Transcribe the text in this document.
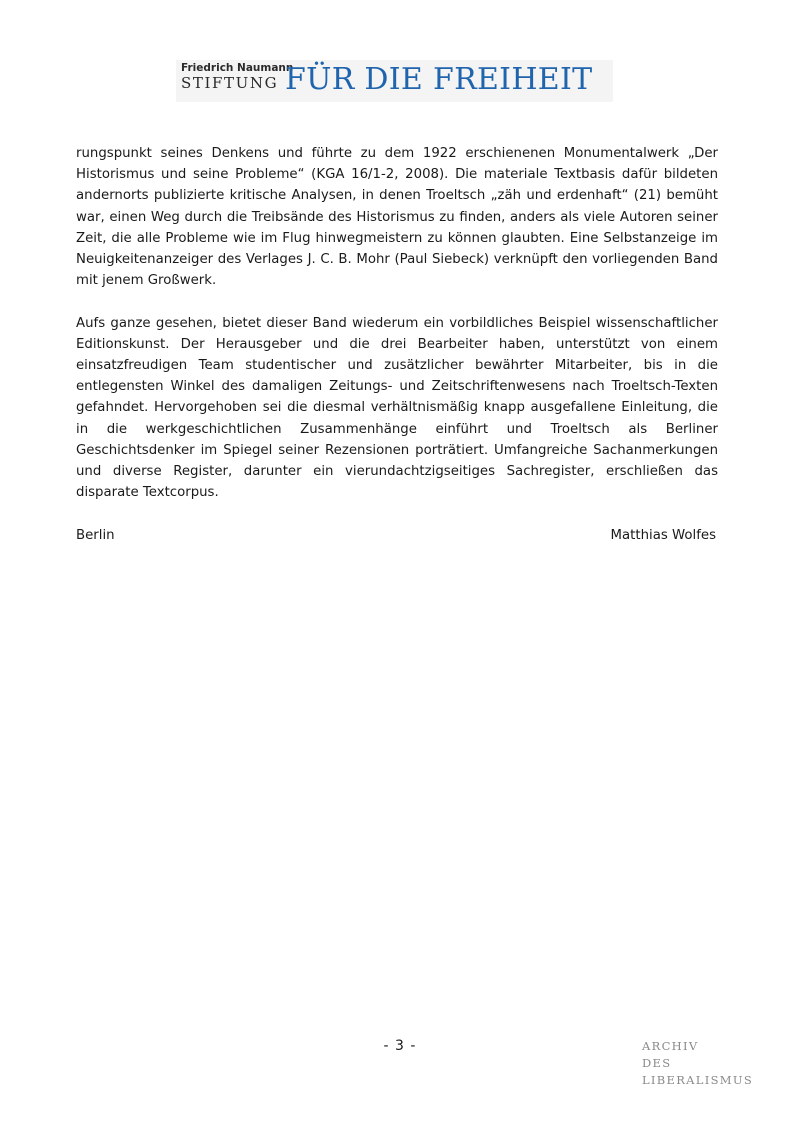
Friedrich Naumann
STIFTUNG FÜR DIE FREIHEIT

rungspunkt seines Denkens und führte zu dem 1922 erschienenen Monumentalwerk „Der Historismus und seine Probleme“ (KGA 16/1-2, 2008). Die materiale Textbasis dafür bildeten andernorts publizierte kritische Analysen, in denen Troeltsch „zäh und erdenhaft“ (21) bemüht war, einen Weg durch die Treibsände des Historismus zu finden, anders als viele Autoren seiner Zeit, die alle Probleme wie im Flug hinwegmeistern zu können glaubten. Eine Selbstanzeige im Neuigkeitenanzeiger des Verlages J. C. B. Mohr (Paul Siebeck) verknüpft den vorliegenden Band mit jenem Großwerk.

Aufs ganze gesehen, bietet dieser Band wiederum ein vorbildliches Beispiel wissenschaftlicher Editionskunst. Der Herausgeber und die drei Bearbeiter haben, unterstützt von einem einsatzfreudigen Team studentischer und zusätzlicher bewährter Mitarbeiter, bis in die entlegensten Winkel des damaligen Zeitungs- und Zeitschriftenwesens nach Troeltsch-Texten gefahndet. Hervorgehoben sei die diesmal verhältnismäßig knapp ausgefallene Einleitung, die in die werkgeschichtlichen Zusammenhänge einführt und Troeltsch als Berliner Geschichtsdenker im Spiegel seiner Rezensionen porträtiert. Umfangreiche Sachanmerkungen und diverse Register, darunter ein vierundachtzigseitiges Sachregister, erschließen das disparate Textcorpus.

Berlin	Matthias Wolfes
- 3 -	ARCHIV
DES
LIBERALISMUS
